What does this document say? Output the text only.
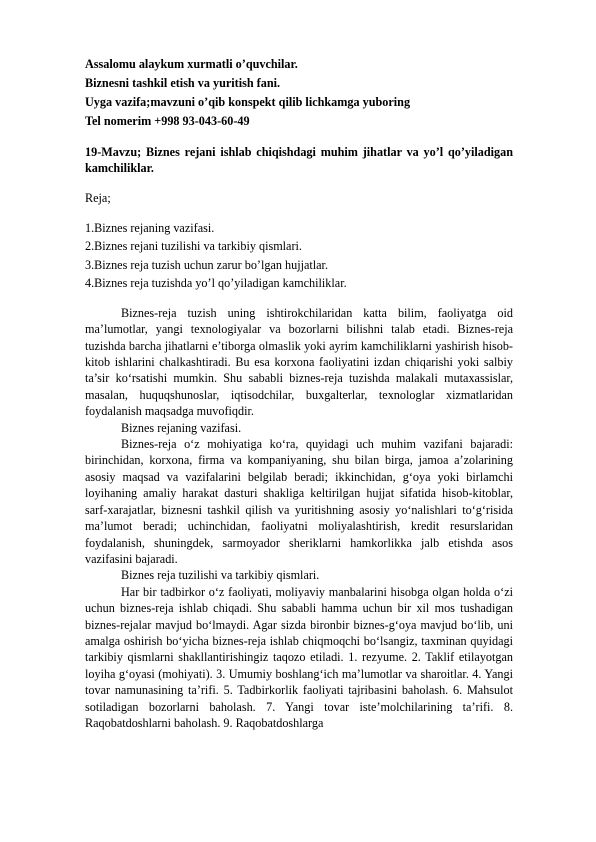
Assalomu alaykum xurmatli o’quvchilar.

Biznesni tashkil etish va yuritish fani.

Uyga vazifa;mavzuni o’qib konspekt qilib lichkamga yuboring

Tel nomerim +998 93-043-60-49

19-Mavzu; Biznes rejani ishlab chiqishdagi muhim jihatlar va yo’l qo’yiladigan kamchiliklar.

Reja;

1.Biznes rejaning vazifasi.

2.Biznes rejani tuzilishi va tarkibiy qismlari.

3.Biznes reja tuzish uchun zarur bo’lgan hujjatlar.

4.Biznes reja tuzishda yo’l qo’yiladigan kamchiliklar.

Biznes-reja tuzish uning ishtirokchilaridan katta bilim, faoliyatga oid ma’lumotlar, yangi texnologiyalar va bozorlarni bilishni talab etadi. Biznes-reja tuzishda barcha jihatlarni e’tiborga olmaslik yoki ayrim kamchiliklarni yashirish hisob-kitob ishlarini chalkashtiradi. Bu esa korxona faoliyatini izdan chiqarishi yoki salbiy ta’sir ko‘rsatishi mumkin. Shu sababli biznes-reja tuzishda malakali mutaxassislar, masalan, huquqshunoslar, iqtisodchilar, buxgalterlar, texnologlar xizmatlaridan foydalanish maqsadga muvofiqdir.

Biznes rejaning vazifasi.

Biznes-reja o‘z mohiyatiga ko‘ra, quyidagi uch muhim vazifani bajaradi: birinchidan, korxona, firma va kompaniyaning, shu bilan birga, jamoa a’zolarining asosiy maqsad va vazifalarini belgilab beradi; ikkinchidan, g‘oya yoki birlamchi loyihaning amaliy harakat dasturi shakliga keltirilgan hujjat sifatida hisob-kitoblar, sarf-xarajatlar, biznesni tashkil qilish va yuritishning asosiy yo‘nalishlari to‘g‘risida ma’lumot beradi; uchinchidan, faoliyatni moliyalashtirish, kredit resurslaridan foydalanish, shuningdek, sarmoyador sheriklarni hamkorlikka jalb etishda asos vazifasini bajaradi.

Biznes reja tuzilishi va tarkibiy qismlari.

Har bir tadbirkor o‘z faoliyati, moliyaviy manbalarini hisobga olgan holda o‘zi uchun biznes-reja ishlab chiqadi. Shu sababli hamma uchun bir xil mos tushadigan biznes-rejalar mavjud bo‘lmaydi. Agar sizda bironbir biznes-g‘oya mavjud bo‘lib, uni amalga oshirish bo‘yicha biznes-reja ishlab chiqmoqchi bo‘lsangiz, taxminan quyidagi tarkibiy qismlarni shakllantirishingiz taqozo etiladi. 1. rezyume. 2. Taklif etilayotgan loyiha g‘oyasi (mohiyati). 3. Umumiy boshlang‘ich ma’lumotlar va sharoitlar. 4. Yangi tovar namunasining ta’rifi. 5. Tadbirkorlik faoliyati tajribasini baholash. 6. Mahsulot sotiladigan bozorlarni baholash. 7. Yangi tovar iste’molchilarining ta’rifi. 8. Raqobatdoshlarni baholash. 9. Raqobatdoshlarga
